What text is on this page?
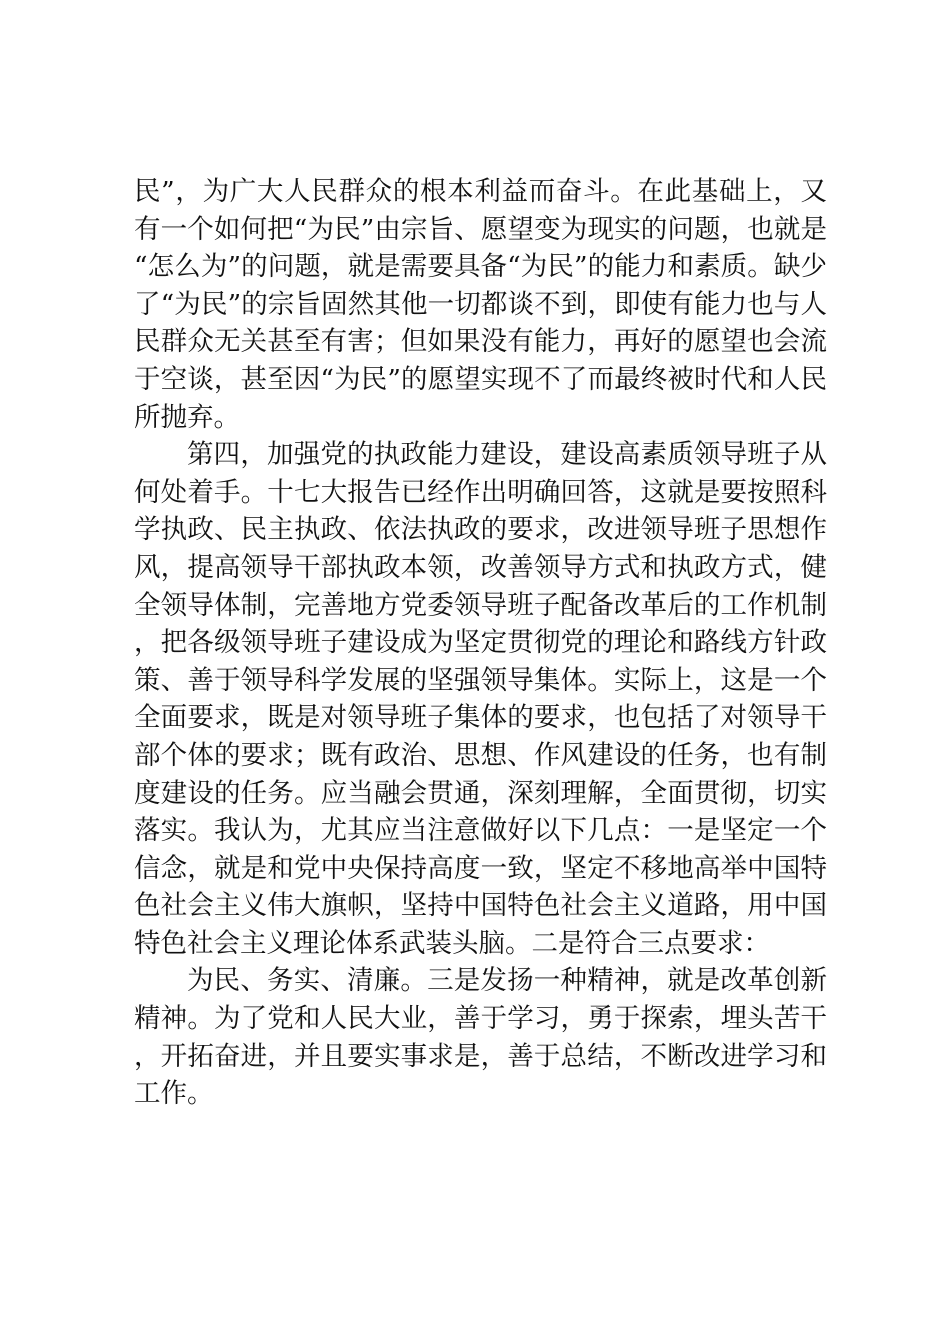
民”，为广大人民群众的根本利益而奋斗。在此基础上，又有一个如何把“为民”由宗旨、愿望变为现实的问题，也就是“怎么为”的问题，就是需要具备“为民”的能力和素质。缺少了“为民”的宗旨固然其他一切都谈不到，即使有能力也与人民群众无关甚至有害；但如果没有能力，再好的愿望也会流于空谈，甚至因“为民”的愿望实现不了而最终被时代和人民所抛弃。

第四，加强党的执政能力建设，建设高素质领导班子从何处着手。十七大报告已经作出明确回答，这就是要按照科学执政、民主执政、依法执政的要求，改进领导班子思想作风，提高领导干部执政本领，改善领导方式和执政方式，健全领导体制，完善地方党委领导班子配备改革后的工作机制，把各级领导班子建设成为坚定贯彻党的理论和路线方针政策、善于领导科学发展的坚强领导集体。实际上，这是一个全面要求，既是对领导班子集体的要求，也包括了对领导干部个体的要求；既有政治、思想、作风建设的任务，也有制度建设的任务。应当融会贯通，深刻理解，全面贯彻，切实落实。我认为，尤其应当注意做好以下几点：一是坚定一个信念，就是和党中央保持高度一致，坚定不移地高举中国特色社会主义伟大旗帜，坚持中国特色社会主义道路，用中国特色社会主义理论体系武装头脑。二是符合三点要求：

为民、务实、清廉。三是发扬一种精神，就是改革创新精神。为了党和人民大业，善于学习，勇于探索，埋头苦干，开拓奋进，并且要实事求是，善于总结，不断改进学习和工作。
